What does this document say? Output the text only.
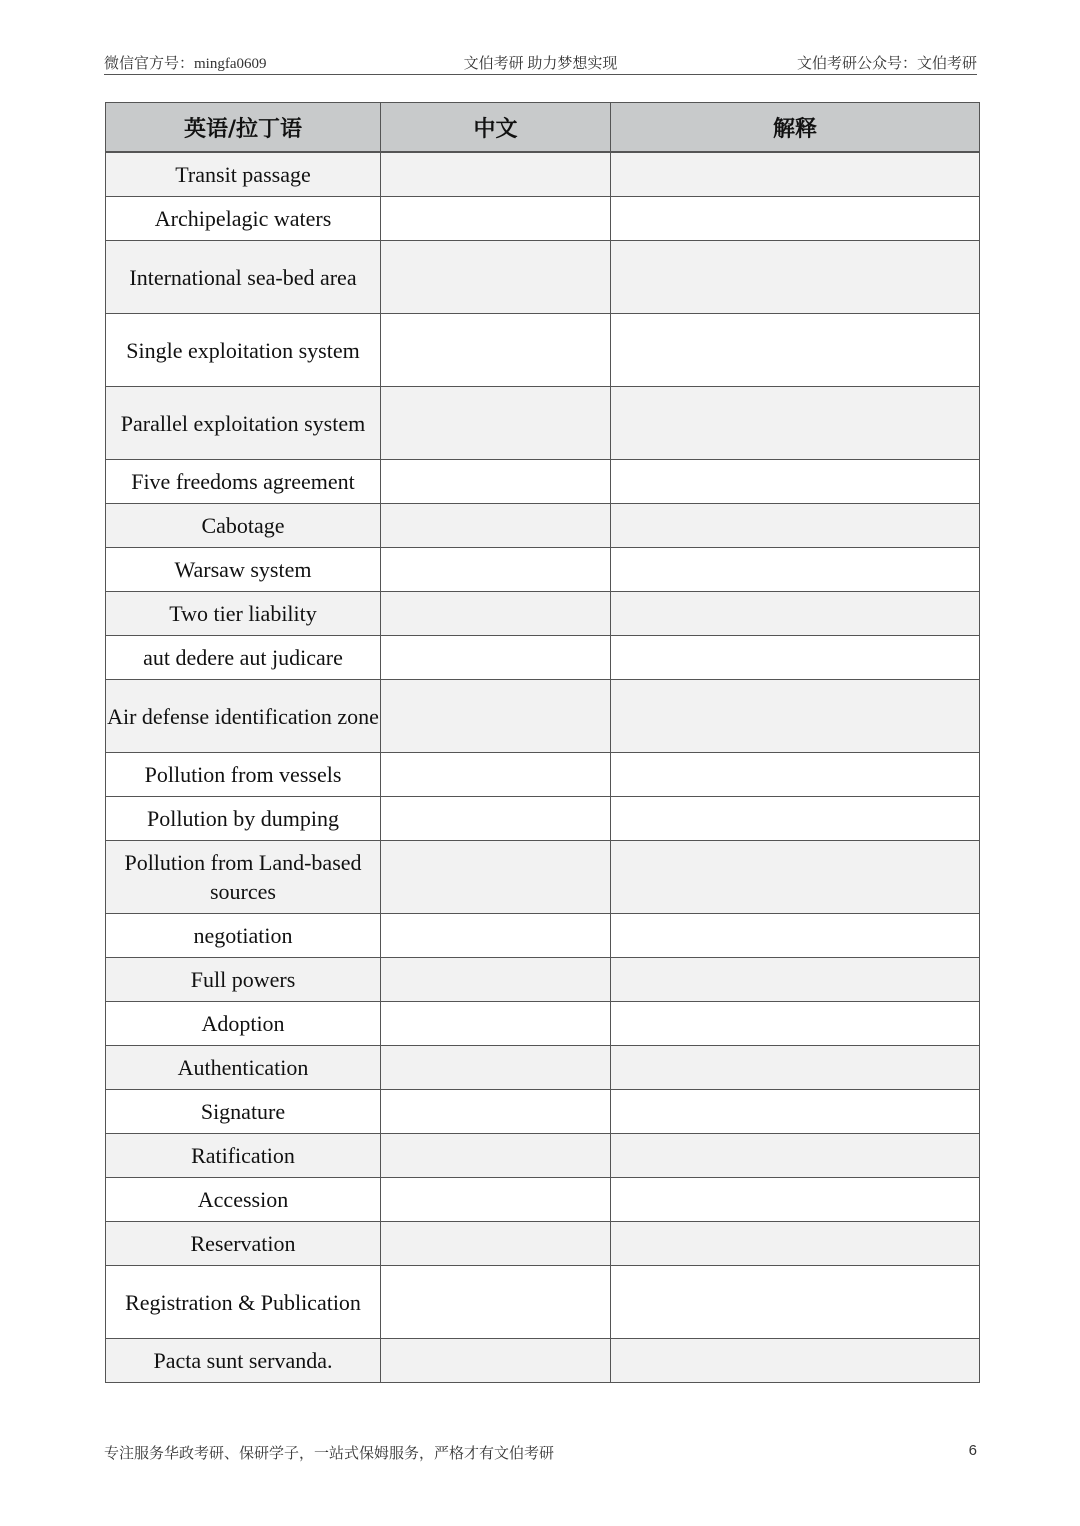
微信官方号：mingfa0609	文伯考研 助力梦想实现	文伯考研公众号：文伯考研
英语/拉丁语	中文	解释
Transit passage		
Archipelagic waters		
International sea-bed area		
Single exploitation system		
Parallel exploitation system		
Five freedoms agreement		
Cabotage		
Warsaw system		
Two tier liability		
aut dedere aut judicare		
Air defense identification zone		
Pollution from vessels		
Pollution by dumping		
Pollution from Land-based sources		
negotiation		
Full powers		
Adoption		
Authentication		
Signature		
Ratification		
Accession		
Reservation		
Registration & Publication		
Pacta sunt servanda.		
专注服务华政考研、保研学子，一站式保姆服务，严格才有文伯考研	6
